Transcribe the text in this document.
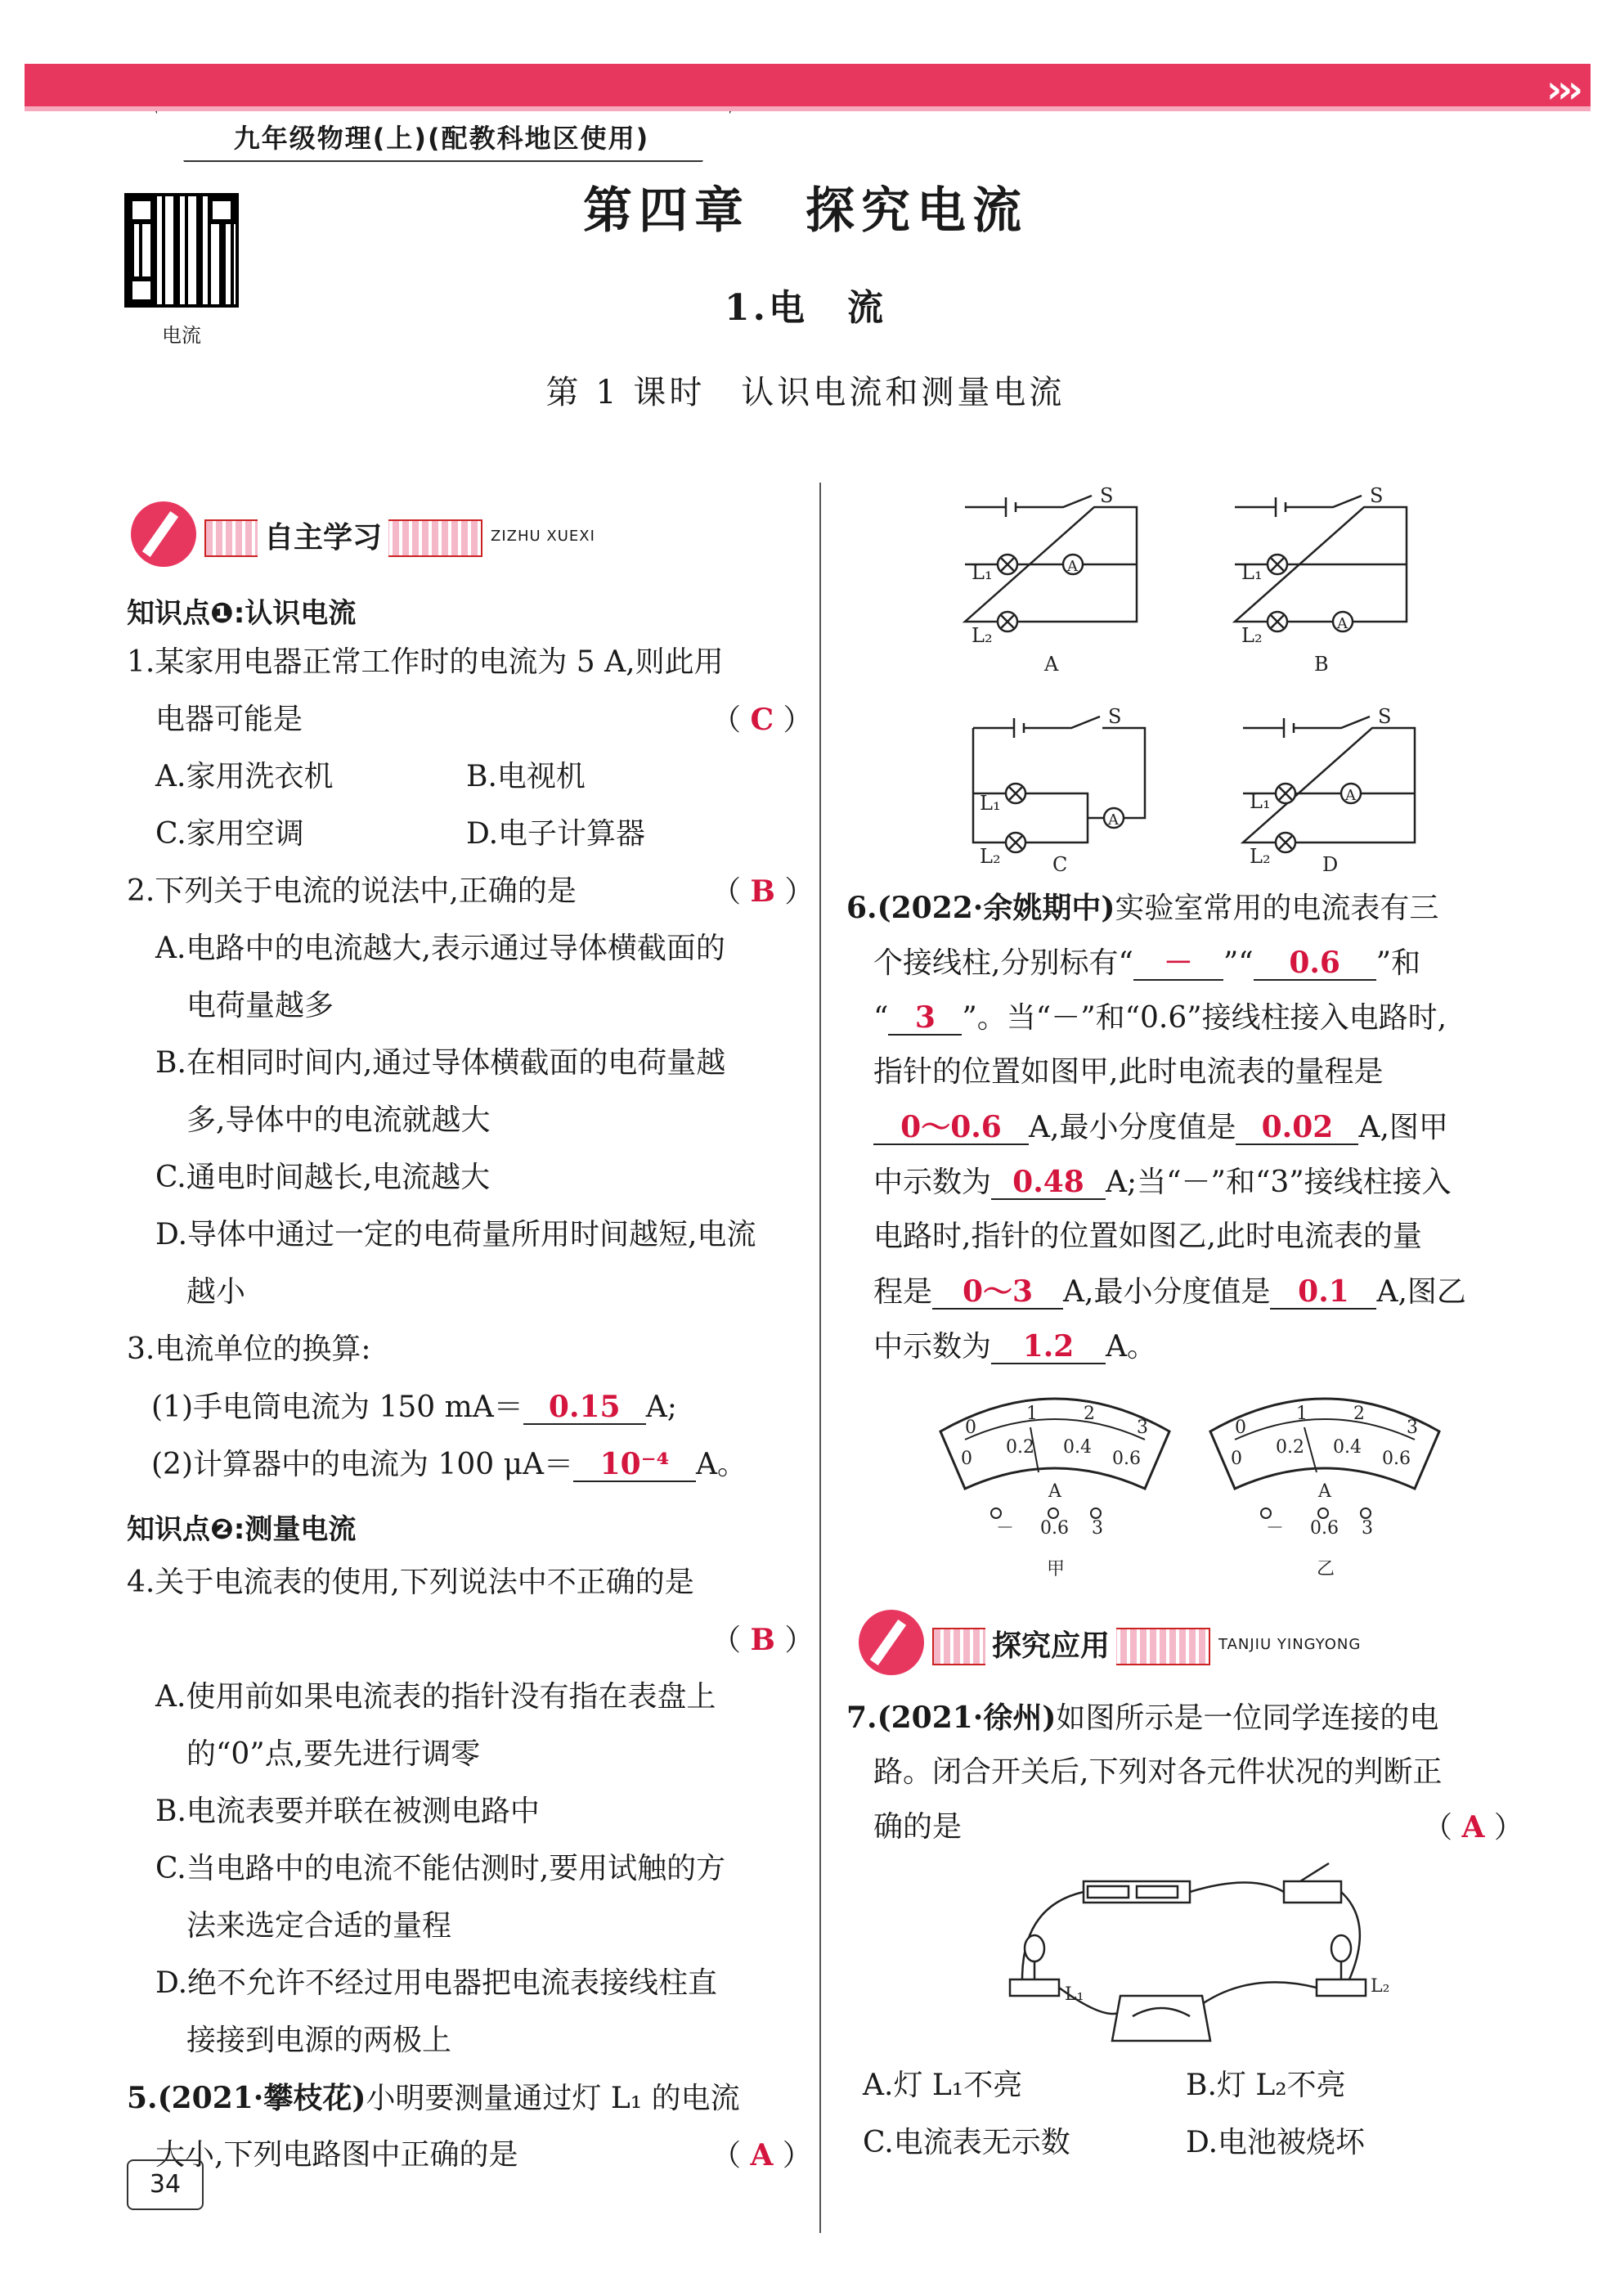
›››
九年级物理(上)(配教科地区使用)
电流
第四章　探究电流
1.电　流
第 1 课时　认识电流和测量电流
自主学习	ZIZHU XUEXI
知识点❶:认识电流
1.某家用电器正常工作时的电流为 5 A,则此用
电器可能是	（ C ）
A.家用洗衣机	B.电视机
C.家用空调	D.电子计算器
2.下列关于电流的说法中,正确的是	（ B ）
A.电路中的电流越大,表示通过导体横截面的
电荷量越多
B.在相同时间内,通过导体横截面的电荷量越
多,导体中的电流就越大
C.通电时间越长,电流越大
D.导体中通过一定的电荷量所用时间越短,电流
越小
3.电流单位的换算:
(1)手电筒电流为 150 mA＝ 0.15 A;
(2)计算器中的电流为 100 μA＝ 10⁻⁴ A。
知识点❷:测量电流
4.关于电流表的使用,下列说法中不正确的是
（ B ）
A.使用前如果电流表的指针没有指在表盘上
的“0”点,要先进行调零
B.电流表要并联在被测电路中
C.当电路中的电流不能估测时,要用试触的方
法来选定合适的量程
D.绝不允许不经过用电器把电流表接线柱直
接接到电源的两极上
5.(2021·攀枝花)小明要测量通过灯 L₁ 的电流
大小,下列电路图中正确的是	（ A ）
34
S	S
S	S
L₁
L₂
L₁
L₂
L₁
L₂
L₁
L₂
A
A
A
A
A	B
C	D
6.(2022·余姚期中)实验室常用的电流表有三
个接线柱,分别标有“ － ”“ 0.6 ”和
“ 3 ”。当“－”和“0.6”接线柱接入电路时,
指针的位置如图甲,此时电流表的量程是
0～0.6 A,最小分度值是 0.02 A,图甲
中示数为 0.48 A;当“－”和“3”接线柱接入
电路时,指针的位置如图乙,此时电流表的量
程是 0～3 A,最小分度值是 0.1 A,图乙
中示数为 1.2 A。
0
1	2
3
0
0.2 0.4
0.6
A
－ 0.6 3
甲
0
1	2
3
0
0.2 0.4
0.6
A
－ 0.6 3
乙
探究应用	TANJIU YINGYONG
7.(2021·徐州)如图所示是一位同学连接的电
路。闭合开关后,下列对各元件状况的判断正
确的是	（ A ）
L₁	L₂
A.灯 L₁不亮	B.灯 L₂不亮
C.电流表无示数	D.电池被烧坏
